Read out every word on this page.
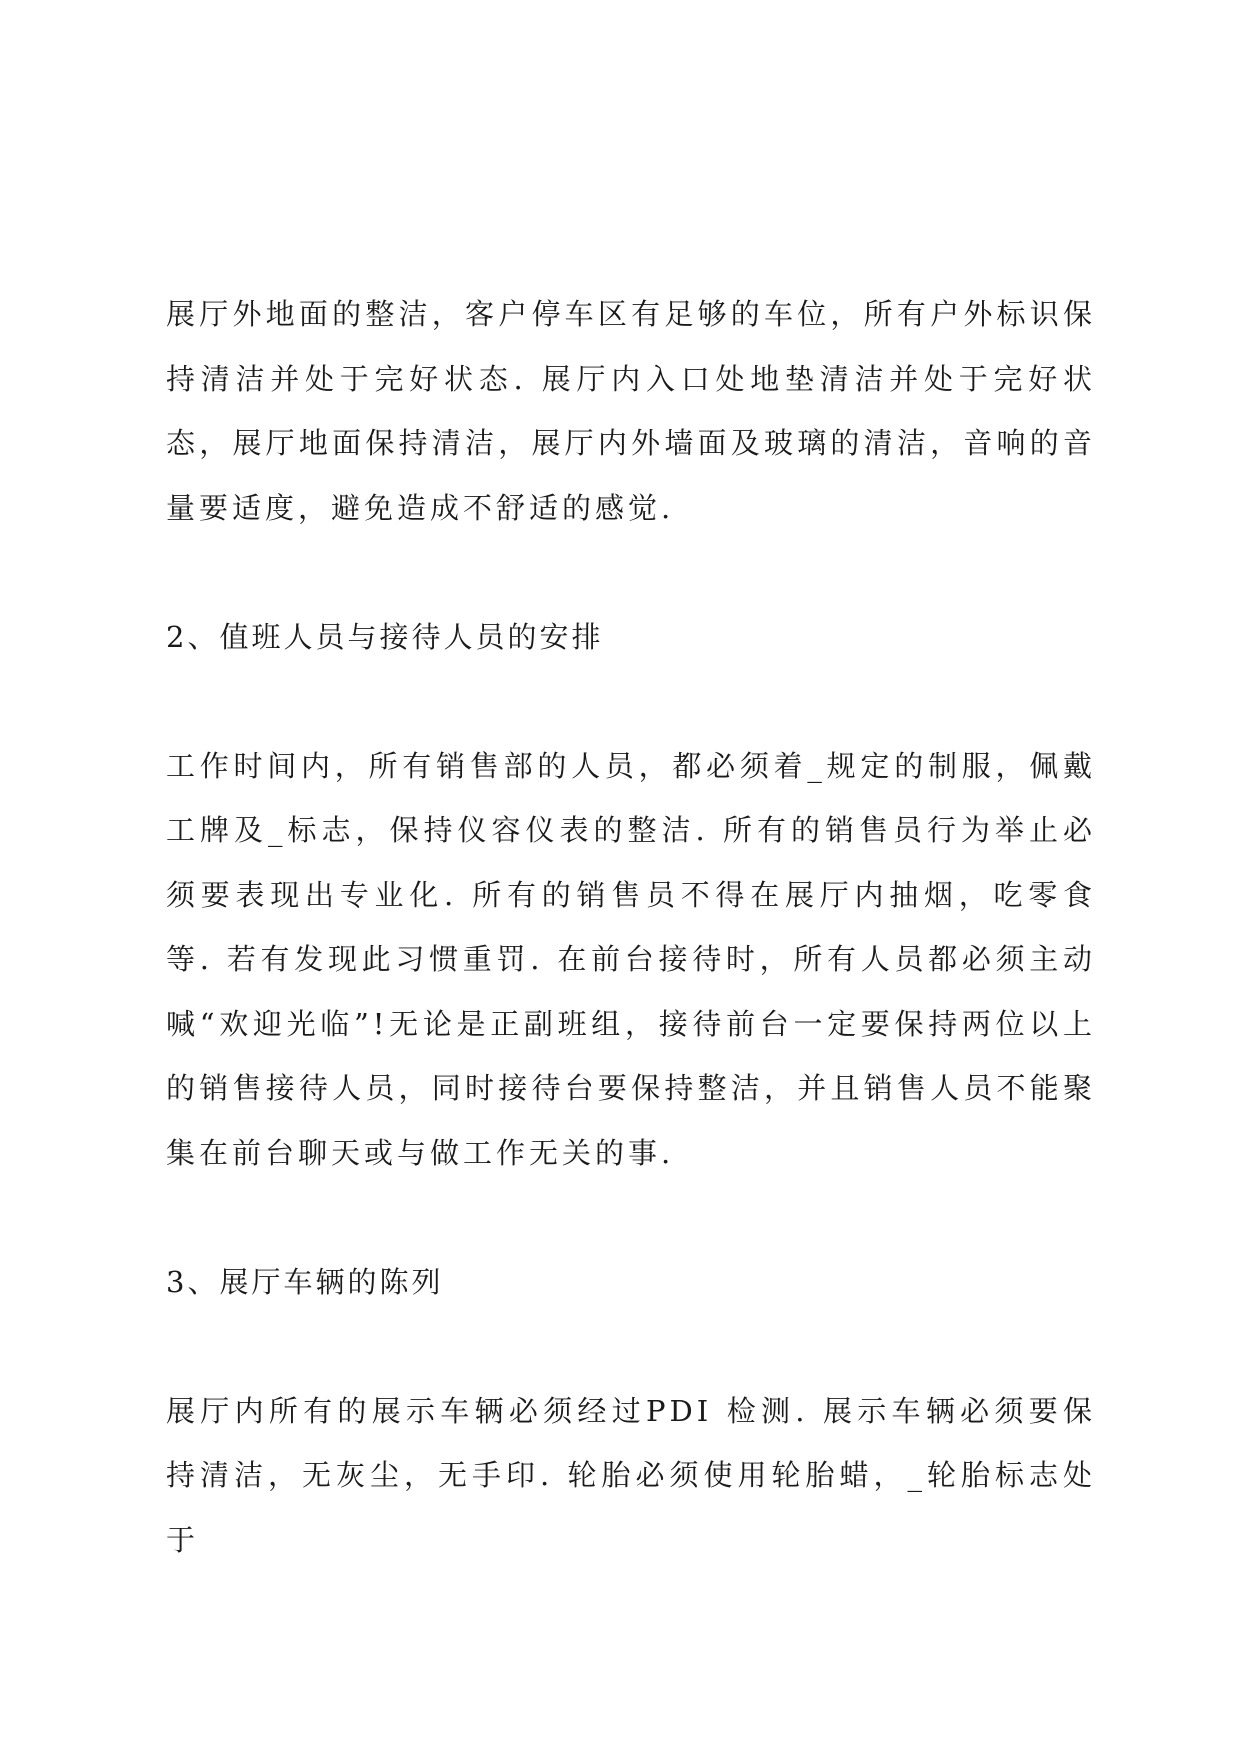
展厅外地面的整洁，客户停车区有足够的车位，所有户外标识保持清洁并处于完好状态. 展厅内入口处地垫清洁并处于完好状态，展厅地面保持清洁，展厅内外墙面及玻璃的清洁，音响的音量要适度，避免造成不舒适的感觉.

2、值班人员与接待人员的安排

工作时间内，所有销售部的人员，都必须着_规定的制服，佩戴工牌及_标志，保持仪容仪表的整洁. 所有的销售员行为举止必须要表现出专业化. 所有的销售员不得在展厅内抽烟，吃零食等. 若有发现此习惯重罚. 在前台接待时，所有人员都必须主动喊“欢迎光临”!无论是正副班组，接待前台一定要保持两位以上的销售接待人员，同时接待台要保持整洁，并且销售人员不能聚集在前台聊天或与做工作无关的事.

3、展厅车辆的陈列

展厅内所有的展示车辆必须经过PDI 检测. 展示车辆必须要保持清洁，无灰尘，无手印. 轮胎必须使用轮胎蜡，_轮胎标志处于
